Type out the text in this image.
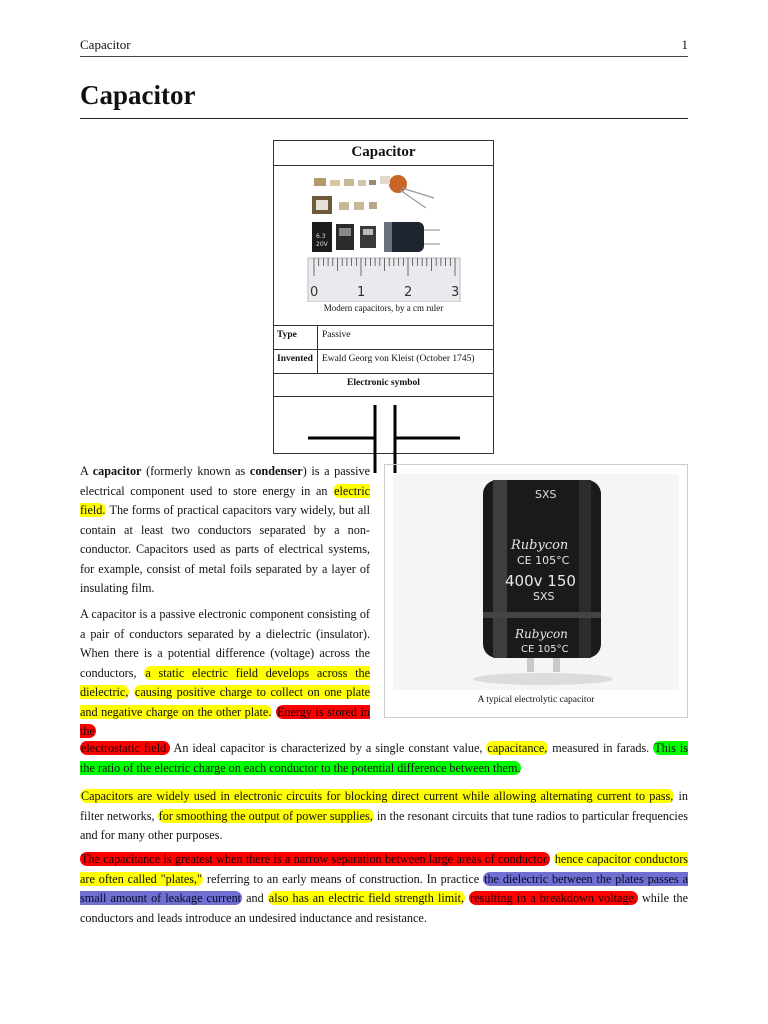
Capacitor	1
Capacitor
Capacitor
6.3
20V
0	1	2	3
Modern capacitors, by a cm ruler
Type	Passive
Invented Ewald Georg von Kleist (October 1745)
Electronic symbol
SXS
Rubycon
CE 105°C
400v 150
SXS
Rubycon
CE 105°C
A typical electrolytic capacitor
A capacitor (formerly known as condenser) is a passive electrical component used to store energy in an electric field. The forms of practical capacitors vary widely, but all contain at least two conductors separated by a non-conductor. Capacitors used as parts of electrical systems, for example, consist of metal foils separated by a layer of insulating film.
A capacitor is a passive electronic component consisting of a pair of conductors separated by a dielectric (insulator). When there is a potential difference (voltage) across the conductors, a static electric field develops across the dielectric, causing positive charge to collect on one plate and negative charge on the other plate. Energy is stored in the
electrostatic field. An ideal capacitor is characterized by a single constant value, capacitance, measured in farads. This is the ratio of the electric charge on each conductor to the potential difference between them.
Capacitors are widely used in electronic circuits for blocking direct current while allowing alternating current to pass, in filter networks, for smoothing the output of power supplies, in the resonant circuits that tune radios to particular frequencies and for many other purposes.
The capacitance is greatest when there is a narrow separation between large areas of conductor, hence capacitor conductors are often called "plates," referring to an early means of construction. In practice the dielectric between the plates passes a small amount of leakage current and also has an electric field strength limit, resulting in a breakdown voltage, while the conductors and leads introduce an undesired inductance and resistance.
